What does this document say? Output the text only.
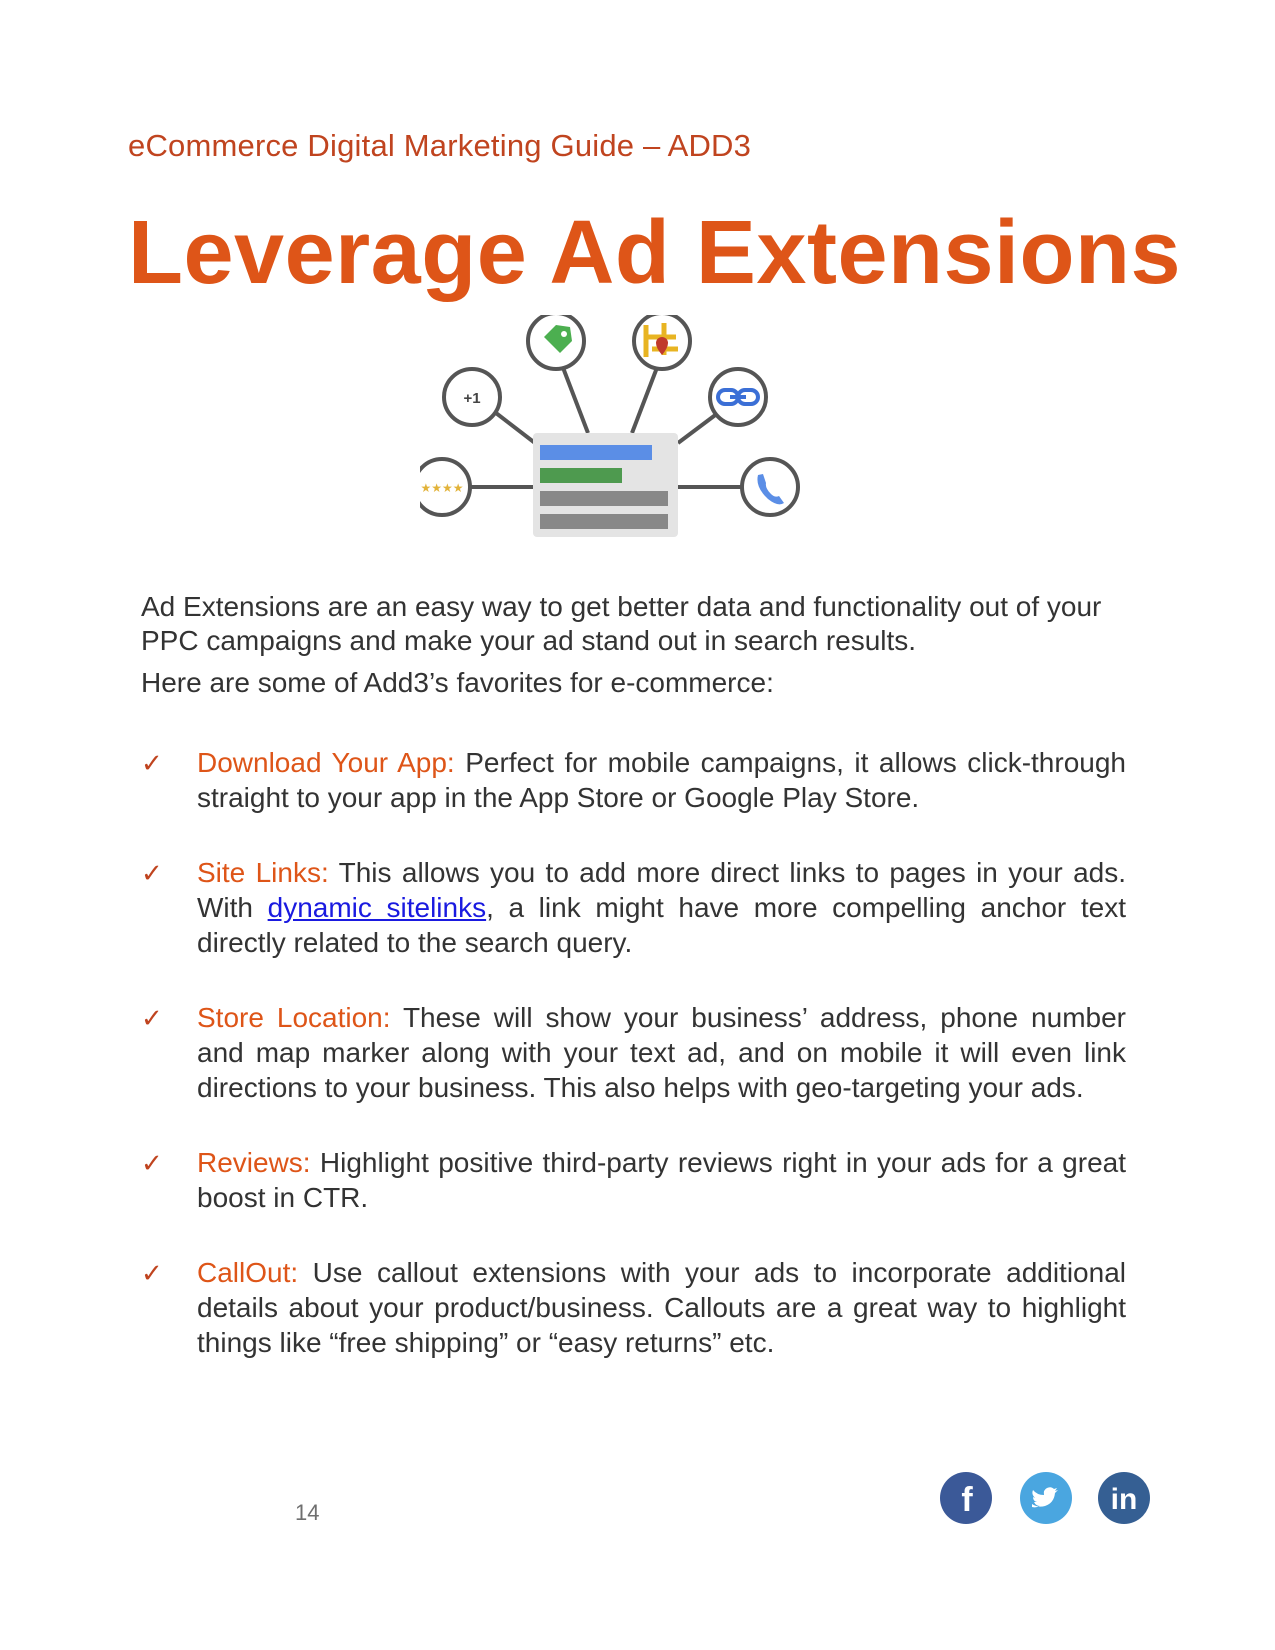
eCommerce Digital Marketing Guide – ADD3
Leverage Ad Extensions
★★★★
+1

Ad Extensions are an easy way to get better data and functionality out of your PPC campaigns and make your ad stand out in search results.

Here are some of Add3’s favorites for e-commerce:

✓ Download Your App: Perfect for mobile campaigns, it allows click-through straight to your app in the App Store or Google Play Store.
✓ Site Links: This allows you to add more direct links to pages in your ads. With dynamic sitelinks, a link might have more compelling anchor text directly related to the search query.
✓ Store Location: These will show your business’ address, phone number and map marker along with your text ad, and on mobile it will even link directions to your business. This also helps with geo-targeting your ads.
✓ Reviews: Highlight positive third-party reviews right in your ads for a great boost in CTR.
✓ CallOut: Use callout extensions with your ads to incorporate additional details about your product/business. Callouts are a great way to highlight things like “free shipping” or “easy returns” etc.
14	f	in
